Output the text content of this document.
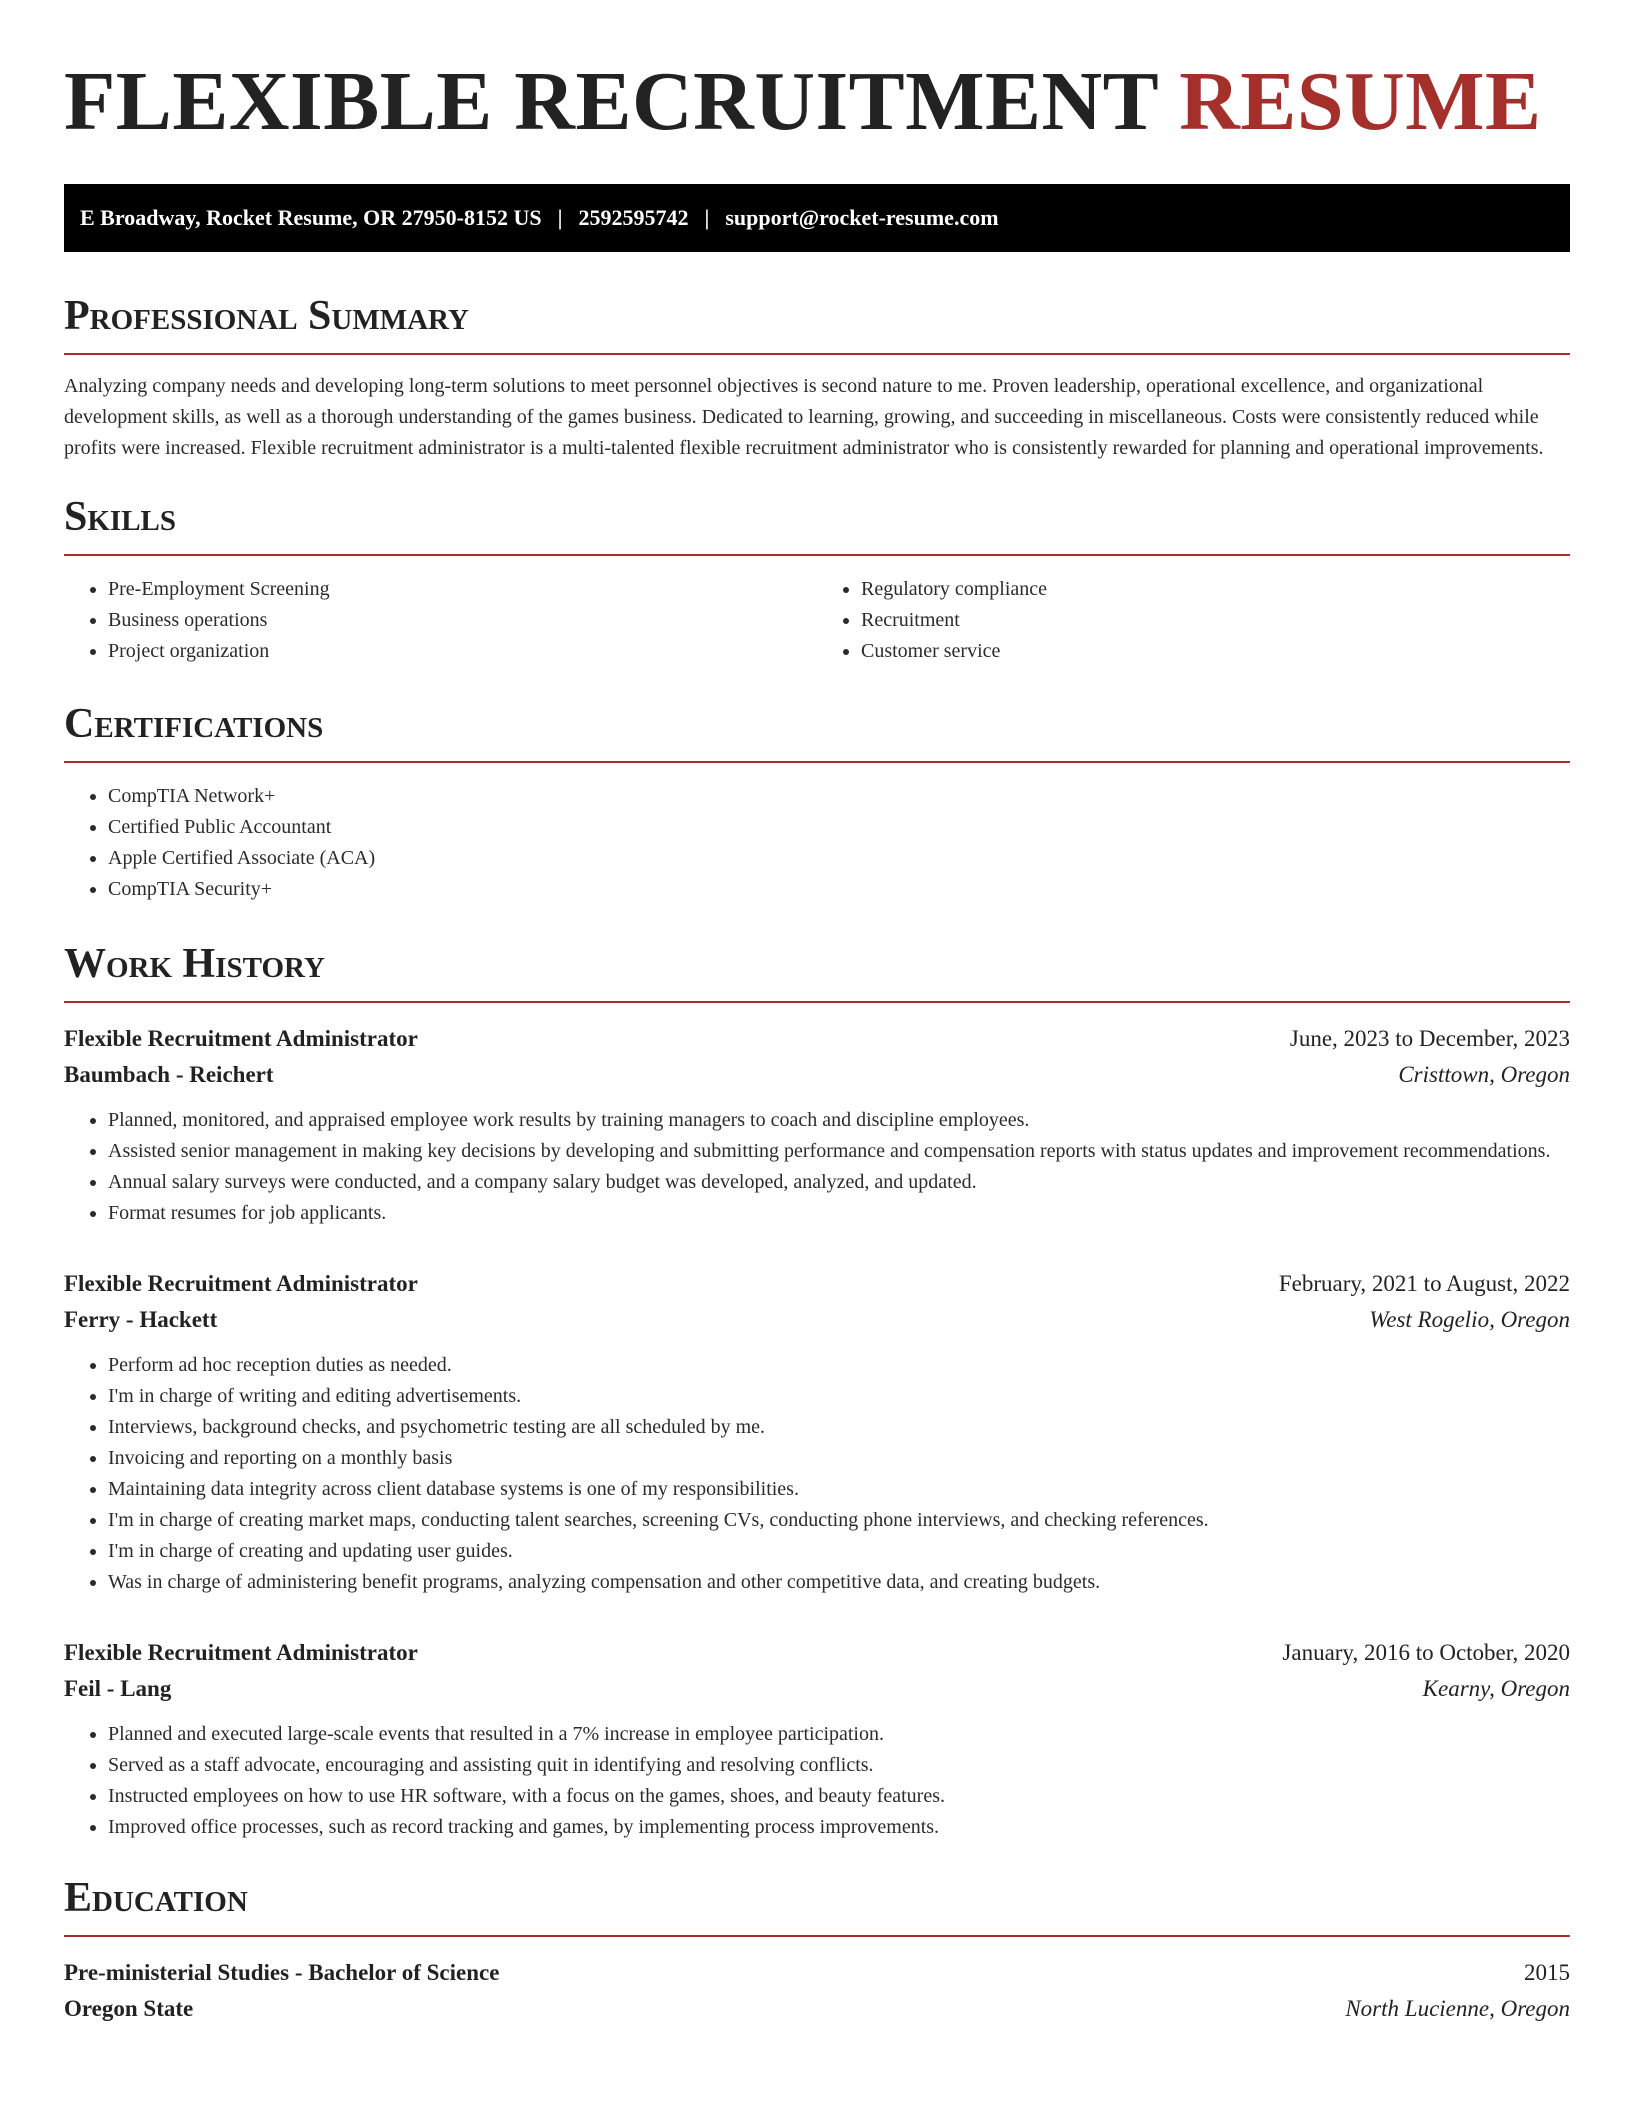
FLEXIBLE RECRUITMENT RESUME
E Broadway, Rocket Resume, OR 27950-8152 US | 2592595742 | support@rocket-resume.com
Professional Summary

Analyzing company needs and developing long-term solutions to meet personnel objectives is second nature to me. Proven leadership, operational excellence, and organizational development skills, as well as a thorough understanding of the games business. Dedicated to learning, growing, and succeeding in miscellaneous. Costs were consistently reduced while profits were increased. Flexible recruitment administrator is a multi-talented flexible recruitment administrator who is consistently rewarded for planning and operational improvements.

Skills
• Pre-Employment Screening
• Business operations
• Project organization
• Regulatory compliance
• Recruitment
• Customer service
Certifications
• CompTIA Network+
• Certified Public Accountant
• Apple Certified Associate (ACA)
• CompTIA Security+
Work History
Flexible Recruitment Administrator	June, 2023 to December, 2023
Baumbach - Reichert	Cristtown, Oregon
• Planned, monitored, and appraised employee work results by training managers to coach and discipline employees.
• Assisted senior management in making key decisions by developing and submitting performance and compensation reports with status updates and improvement recommendations.
• Annual salary surveys were conducted, and a company salary budget was developed, analyzed, and updated.
• Format resumes for job applicants.
Flexible Recruitment Administrator	February, 2021 to August, 2022
Ferry - Hackett	West Rogelio, Oregon
• Perform ad hoc reception duties as needed.
• I'm in charge of writing and editing advertisements.
• Interviews, background checks, and psychometric testing are all scheduled by me.
• Invoicing and reporting on a monthly basis
• Maintaining data integrity across client database systems is one of my responsibilities.
• I'm in charge of creating market maps, conducting talent searches, screening CVs, conducting phone interviews, and checking references.
• I'm in charge of creating and updating user guides.
• Was in charge of administering benefit programs, analyzing compensation and other competitive data, and creating budgets.
Flexible Recruitment Administrator	January, 2016 to October, 2020
Feil - Lang	Kearny, Oregon
• Planned and executed large-scale events that resulted in a 7% increase in employee participation.
• Served as a staff advocate, encouraging and assisting quit in identifying and resolving conflicts.
• Instructed employees on how to use HR software, with a focus on the games, shoes, and beauty features.
• Improved office processes, such as record tracking and games, by implementing process improvements.
Education
Pre-ministerial Studies - Bachelor of Science	2015
Oregon State	North Lucienne, Oregon
